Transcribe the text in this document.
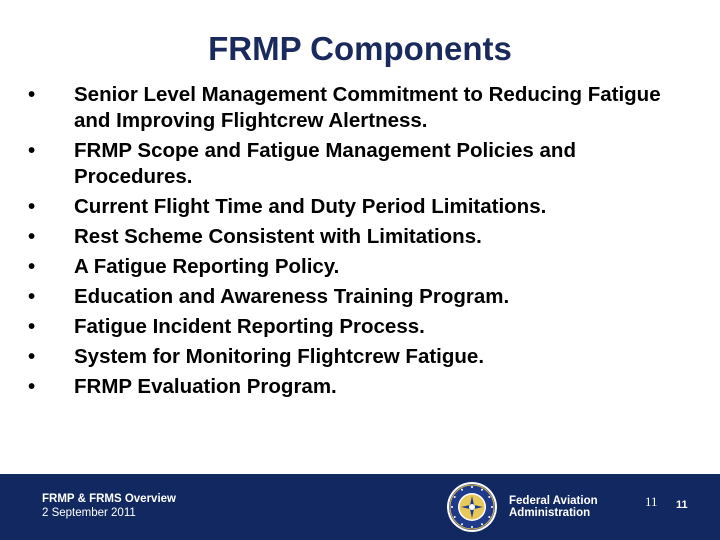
FRMP Components
• Senior Level Management Commitment to Reducing Fatigue and Improving Flightcrew Alertness.
• FRMP Scope and Fatigue Management Policies and Procedures.
• Current Flight Time and Duty Period Limitations.
• Rest Scheme Consistent with Limitations.
• A Fatigue Reporting Policy.
• Education and Awareness Training Program.
• Fatigue Incident Reporting Process.
• System for Monitoring Flightcrew Fatigue.
• FRMP Evaluation Program.
FRMP & FRMS Overview
2 September 2011
Federal Aviation
Administration
11 11
